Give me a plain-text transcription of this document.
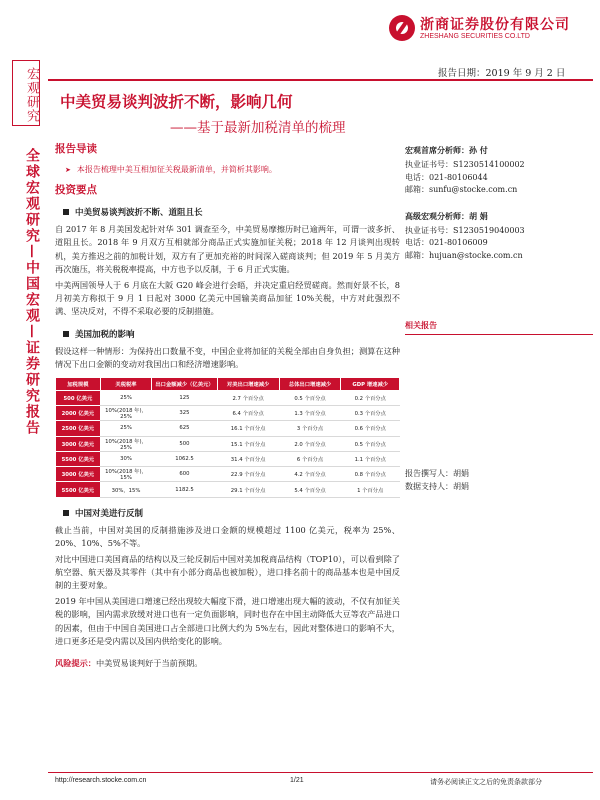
浙商证券股份有限公司
ZHESHANG SECURITIES CO.LTD
宏观研究
全球宏观研究—中国宏观—证券研究报告
报告日期：2019 年 9 月 2 日
中美贸易谈判波折不断，影响几何
——基于最新加税清单的梳理
报告导读
➤ 本报告梳理中美互相加征关税最新清单，并简析其影响。
投资要点
中美贸易谈判波折不断、道阻且长

自 2017 年 8 月美国发起针对华 301 调查至今，中美贸易摩擦历时已逾两年，可谓一波多折、道阻且长。2018 年 9 月双方互相就部分商品正式实施加征关税；2018 年 12 月谈判出现转机，美方推迟之前的加税计划，双方有了更加充裕的时间深入磋商谈判；但 2019 年 5 月美方再次施压，将关税税率提高，中方也予以反制，于 6 月正式实施。

中美两国领导人于 6 月底在大阪 G20 峰会进行会晤，并决定重启经贸磋商。然而好景不长，8 月初美方称拟于 9 月 1 日起对 3000 亿美元中国输美商品加征 10%关税，中方对此强烈不满、坚决反对，不得不采取必要的反制措施。

美国加税的影响

假设这样一种情形：为保持出口数量不变，中国企业将加征的关税全部由自身负担；测算在这种情况下出口金额的变动对我国出口和经济增速影响。

加税规模	关税税率	出口金额减少（亿美元）	对美出口增速减少	总体出口增速减少	GDP 增速减少
500 亿美元	25%	125	2.7 个百分点	0.5 个百分点	0.2 个百分点
2000 亿美元	10%(2018 年)，25%	325	6.4 个百分点	1.3 个百分点	0.3 个百分点
2500 亿美元	25%	625	16.1 个百分点	3 个百分点	0.6 个百分点
3000 亿美元	10%(2018 年)，25%	500	15.1 个百分点	2.0 个百分点	0.5 个百分点
5500 亿美元	30%	1062.5	31.4 个百分点	6 个百分点	1.1 个百分点
3000 亿美元	10%(2018 年)，15%	600	22.9 个百分点	4.2 个百分点	0.8 个百分点
5500 亿美元	30%，15%	1182.5	29.1 个百分点	5.4 个百分点	1 个百分点
中国对美进行反制

截止当前，中国对美国的反制措施涉及进口金额的规模超过 1100 亿美元，税率为 25%、20%、10%、5%不等。

对比中国进口美国商品的结构以及三轮反制后中国对美加税商品结构（TOP10），可以看到除了航空器、航天器及其零件（其中有小部分商品也被加税），进口排名前十的商品基本也是中国反制的主要对象。

2019 年中国从美国进口增速已经出现较大幅度下滑，进口增速出现大幅的波动，不仅有加征关税的影响，国内需求放缓对进口也有一定负面影响，同时也存在中国主动降低大豆等农产品进口的因素，但由于中国自美国进口占全部进口比例大约为 5%左右，因此对整体进口的影响不大，进口更多还是受内需以及国内供给变化的影响。

风险提示：中美贸易谈判好于当前预期。
宏观首席分析师：孙 付
执业证书号：S1230514100002
电话：021-80106044
邮箱：sunfu@stocke.com.cn
高级宏观分析师：胡 娟
执业证书号：S1230519040003
电话：021-80106009
邮箱：hujuan@stocke.com.cn
相关报告
报告撰写人：胡娟
数据支持人：胡娟
http://research.stocke.com.cn	1/21	请务必阅读正文之后的免责条款部分
